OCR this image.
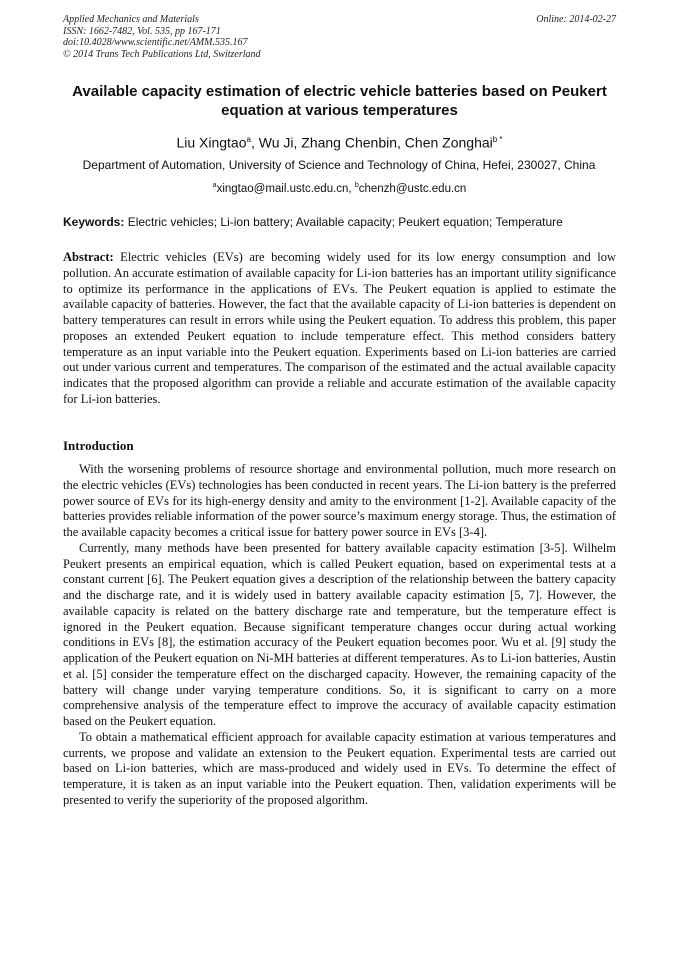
Applied Mechanics and Materials
ISSN: 1662-7482, Vol. 535, pp 167-171
doi:10.4028/www.scientific.net/AMM.535.167
© 2014 Trans Tech Publications Ltd, Switzerland
Online: 2014-02-27
Available capacity estimation of electric vehicle batteries based on Peukert equation at various temperatures
Liu Xingtao$^a$, Wu Ji, Zhang Chenbin, Chen Zonghai$^{b *}$
Department of Automation, University of Science and Technology of China, Hefei, 230027, China
$^a$xingtao@mail.ustc.edu.cn, $^b$chenzh@ustc.edu.cn
Keywords: Electric vehicles; Li-ion battery; Available capacity; Peukert equation; Temperature
Abstract: Electric vehicles (EVs) are becoming widely used for its low energy consumption and low pollution. An accurate estimation of available capacity for Li-ion batteries has an important utility significance to optimize its performance in the applications of EVs. The Peukert equation is applied to estimate the available capacity of batteries. However, the fact that the available capacity of Li-ion batteries is dependent on battery temperatures can result in errors while using the Peukert equation. To address this problem, this paper proposes an extended Peukert equation to include temperature effect. This method considers battery temperature as an input variable into the Peukert equation. Experiments based on Li-ion batteries are carried out under various current and temperatures. The comparison of the estimated and the actual available capacity indicates that the proposed algorithm can provide a reliable and accurate estimation of the available capacity for Li-ion batteries.
Introduction

With the worsening problems of resource shortage and environmental pollution, much more research on the electric vehicles (EVs) technologies has been conducted in recent years. The Li-ion battery is the preferred power source of EVs for its high-energy density and amity to the environment [1-2]. Available capacity of the batteries provides reliable information of the power source’s maximum energy storage. Thus, the estimation of the available capacity becomes a critical issue for battery power source in EVs [3-4].

Currently, many methods have been presented for battery available capacity estimation [3-5]. Wilhelm Peukert presents an empirical equation, which is called Peukert equation, based on experimental tests at a constant current [6]. The Peukert equation gives a description of the relationship between the battery capacity and the discharge rate, and it is widely used in battery available capacity estimation [5, 7]. However, the available capacity is related on the battery discharge rate and temperature, but the temperature effect is ignored in the Peukert equation. Because significant temperature changes occur during actual working conditions in EVs [8], the estimation accuracy of the Peukert equation becomes poor. Wu et al. [9] study the application of the Peukert equation on Ni-MH batteries at different temperatures. As to Li-ion batteries, Austin et al. [5] consider the temperature effect on the discharged capacity. However, the remaining capacity of the battery will change under varying temperature conditions. So, it is significant to carry on a more comprehensive analysis of the temperature effect to improve the accuracy of available capacity estimation based on the Peukert equation.

To obtain a mathematical efficient approach for available capacity estimation at various temperatures and currents, we propose and validate an extension to the Peukert equation. Experimental tests are carried out based on Li-ion batteries, which are mass-produced and widely used in EVs. To determine the effect of temperature, it is taken as an input variable into the Peukert equation. Then, validation experiments will be presented to verify the superiority of the proposed algorithm.
